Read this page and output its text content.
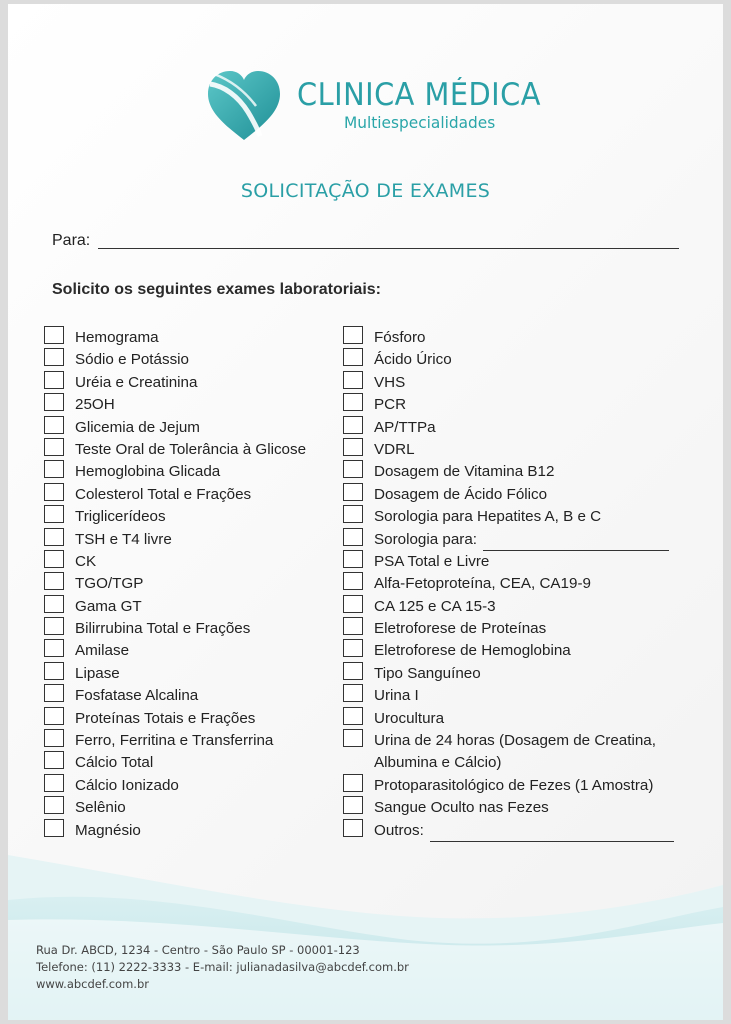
CLINICA MÉDICA
Multiespecialidades
SOLICITAÇÃO DE EXAMES
Para:
Solicito os seguintes exames laboratoriais:
Hemograma
Sódio e Potássio
Uréia e Creatinina
25OH
Glicemia de Jejum
Teste Oral de Tolerância à Glicose
Hemoglobina Glicada
Colesterol Total e Frações
Triglicerídeos
TSH e T4 livre
CK
TGO/TGP
Gama GT
Bilirrubina Total e Frações
Amilase
Lipase
Fosfatase Alcalina
Proteínas Totais e Frações
Ferro, Ferritina e Transferrina
Cálcio Total
Cálcio Ionizado
Selênio
Magnésio
Fósforo
Ácido Úrico
VHS
PCR
AP/TTPa
VDRL
Dosagem de Vitamina B12
Dosagem de Ácido Fólico
Sorologia para Hepatites A, B e C
Sorologia para:
PSA Total e Livre
Alfa-Fetoproteína, CEA, CA19-9
CA 125 e CA 15-3
Eletroforese de Proteínas
Eletroforese de Hemoglobina
Tipo Sanguíneo
Urina I
Urocultura
Urina de 24 horas (Dosagem de Creatina, Albumina e Cálcio)
Protoparasitológico de Fezes (1 Amostra)
Sangue Oculto nas Fezes
Outros:
Rua Dr. ABCD, 1234 - Centro - São Paulo SP - 00001-123
Telefone: (11) 2222-3333 - E-mail: julianadasilva@abcdef.com.br
www.abcdef.com.br
